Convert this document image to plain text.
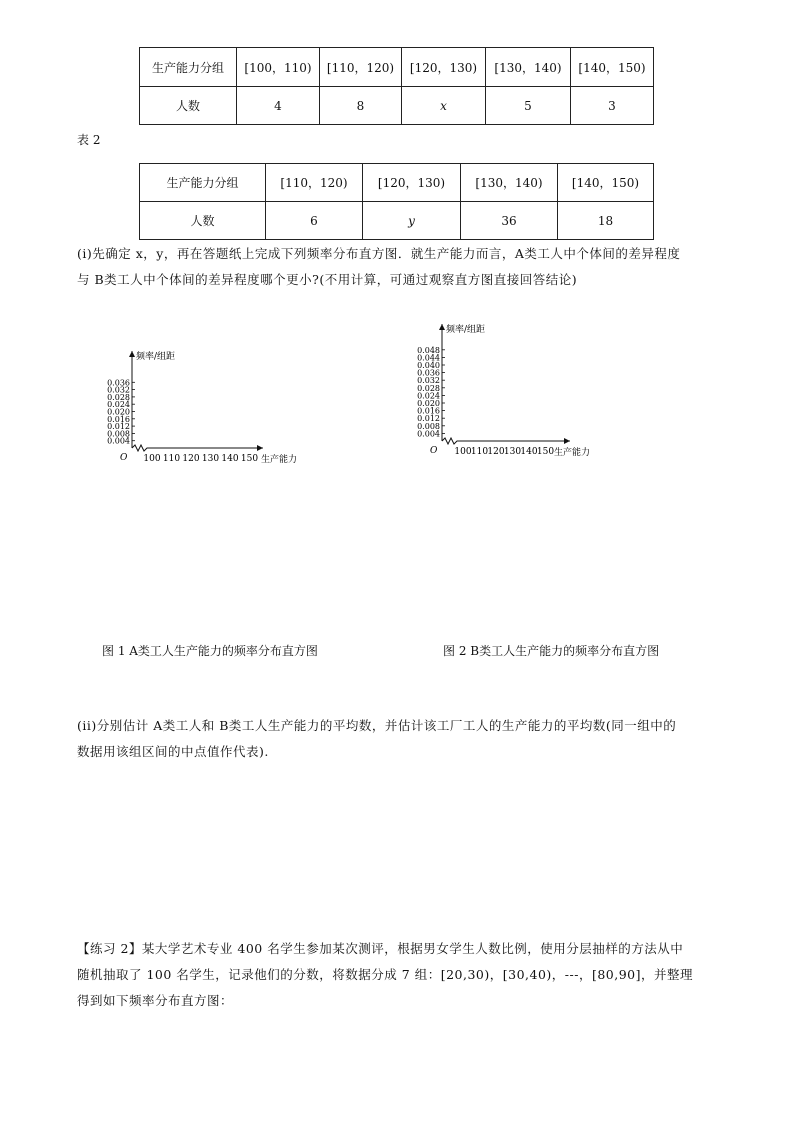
生产能力分组	[100，110)	[110，120)	[120，130)	[130，140)	[140，150)
人数	4	8	x	5	3
表 2
生产能力分组	[110，120)	[120，130)	[130，140)	[140，150)
人数	6	y	36	18
(i)先确定 x，y，再在答题纸上完成下列频率分布直方图．就生产能力而言，A类工人中个体间的差异程度
与 B类工人中个体间的差异程度哪个更小?(不用计算，可通过观察直方图直接回答结论)
频率/组距
0.036
0.032
0.028
0.024
0.020
0.016
0.012
0.008
0.004
100 110 120 130 140 150 生产能力
O
频率/组距
0.048
0.044
0.040
0.036
0.032
0.028
0.024
0.020
0.016
0.012
0.008
0.004
100 110 120 130 140 150 生产能力
O
图 1 A类工人生产能力的频率分布直方图	图 2 B类工人生产能力的频率分布直方图
(ii)分别估计 A类工人和 B类工人生产能力的平均数，并估计该工厂工人的生产能力的平均数(同一组中的
数据用该组区间的中点值作代表).
【练习 2】某大学艺术专业 400 名学生参加某次测评，根据男女学生人数比例，使用分层抽样的方法从中
随机抽取了 100 名学生，记录他们的分数，将数据分成 7 组：[20,30)，[30,40)，---，[80,90]，并整理
得到如下频率分布直方图：
